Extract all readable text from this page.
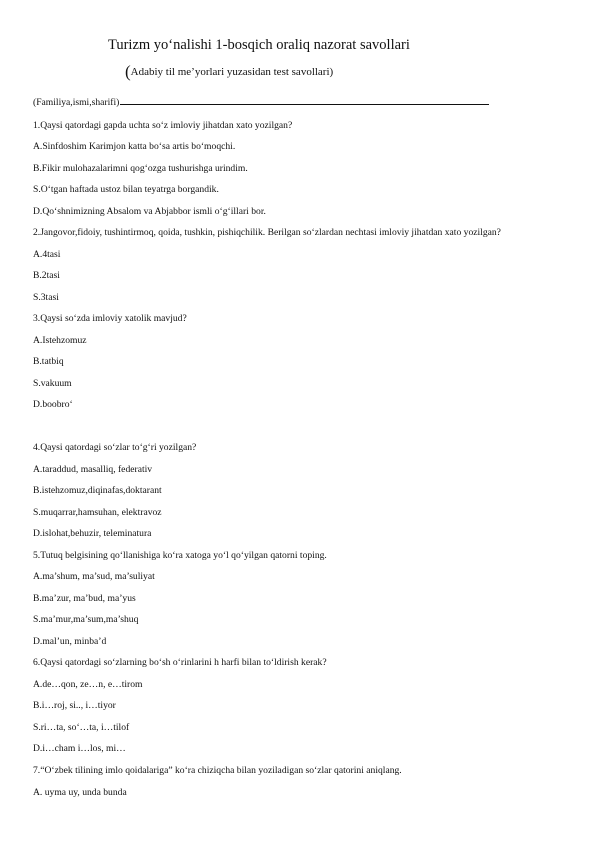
Turizm yo‘nalishi 1-bosqich oraliq nazorat savollari
(Adabiy til me’yorlari yuzasidan test savollari)
(Familiya,ismi,sharifi)
1.Qaysi qatordagi gapda uchta so‘z imloviy jihatdan xato yozilgan?
A.Sinfdoshim Karimjon katta bo‘sa artis bo‘moqchi.
B.Fikir mulohazalarimni qog‘ozga tushurishga urindim.
S.O‘tgan haftada ustoz bilan teyatrga borgandik.
D.Qo‘shnimizning Absalom va Abjabbor ismli o‘g‘illari bor.
2.Jangovor,fidoiy, tushintirmoq, qoida, tushkin, pishiqchilik. Berilgan so‘zlardan nechtasi imloviy jihatdan xato yozilgan?
A.4tasi
B.2tasi
S.3tasi
3.Qaysi so‘zda imloviy xatolik mavjud?
A.Istehzomuz
B.tatbiq
S.vakuum
D.boobro‘
4.Qaysi qatordagi so‘zlar to‘g‘ri yozilgan?
A.taraddud, masalliq, federativ
B.istehzomuz,diqinafas,doktarant
S.muqarrar,hamsuhan, elektravoz
D.islohat,behuzir, teleminatura
5.Tutuq belgisining qo‘llanishiga ko‘ra xatoga yo‘l qo‘yilgan qatorni toping.
A.ma’shum, ma’sud, ma’suliyat
B.ma’zur, ma’bud, ma’yus
S.ma’mur,ma’sum,ma’shuq
D.mal’un, minba’d
6.Qaysi qatordagi so‘zlarning bo‘sh o‘rinlarini h harfi bilan to‘ldirish kerak?
A.de…qon, ze…n, e…tirom
B.i…roj, si.., i…tiyor
S.ri…ta, so‘…ta, i…tilof
D.i…cham i…los, mi…
7.“O‘zbek tilining imlo qoidalariga” ko‘ra chiziqcha bilan yoziladigan so‘zlar qatorini aniqlang.
A. uyma uy, unda bunda
